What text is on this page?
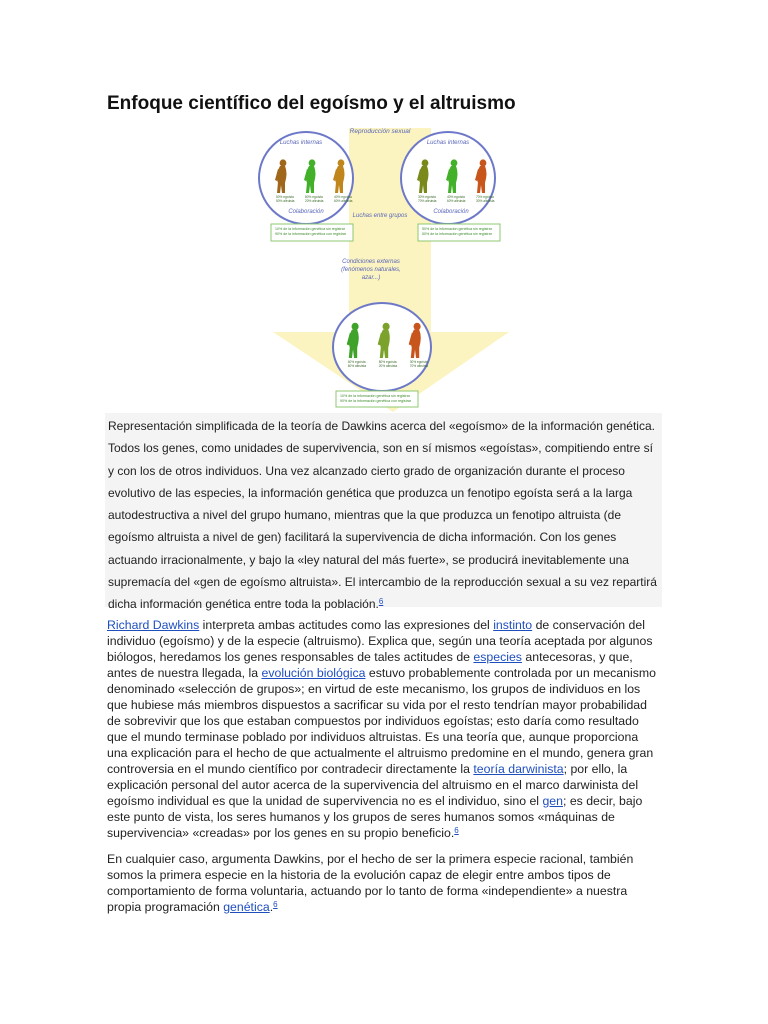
Enfoque científico del egoísmo y el altruismo
Reproducción sexual
Luchas internas	Luchas internas
Colaboración	Colaboración
Luchas entre grupos
Condiciones externas (fenómenos naturales, azar...)
10% de la información genética sin registrar 90% de la información genética con registrar
50% de la información genética sin registrar 50% de la información genética sin registrar
10% de la información genética sin registrar 90% de la información genética con registrar
50% egoísta 50% altruista
80% egoísta 20% altruista
40% egoísta 60% altruista
30% egoísta 70% altruista
40% egoísta 60% altruista
70% egoísta 30% altruista
40% egoísta 60% altruista
80% egoísta 20% altruista
30% egoísta 70% altruista

Representación simplificada de la teoría de Dawkins acerca del «egoísmo» de la información genética. Todos los genes, como unidades de supervivencia, son en sí mismos «egoístas», compitiendo entre sí y con los de otros individuos. Una vez alcanzado cierto grado de organización durante el proceso evolutivo de las especies, la información genética que produzca un fenotipo egoísta será a la larga autodestructiva a nivel del grupo humano, mientras que la que produzca un fenotipo altruista (de egoísmo altruista a nivel de gen) facilitará la supervivencia de dicha información. Con los genes actuando irracionalmente, y bajo la «ley natural del más fuerte», se producirá inevitablemente una supremacía del «gen de egoísmo altruista». El intercambio de la reproducción sexual a su vez repartirá dicha información genética entre toda la población.$^6$

Richard Dawkins interpreta ambas actitudes como las expresiones del instinto de conservación del individuo (egoísmo) y de la especie (altruismo). Explica que, según una teoría aceptada por algunos biólogos, heredamos los genes responsables de tales actitudes de especies antecesoras, y que, antes de nuestra llegada, la evolución biológica estuvo probablemente controlada por un mecanismo denominado «selección de grupos»; en virtud de este mecanismo, los grupos de individuos en los que hubiese más miembros dispuestos a sacrificar su vida por el resto tendrían mayor probabilidad de sobrevivir que los que estaban compuestos por individuos egoístas; esto daría como resultado que el mundo terminase poblado por individuos altruistas. Es una teoría que, aunque proporciona una explicación para el hecho de que actualmente el altruismo predomine en el mundo, genera gran controversia en el mundo científico por contradecir directamente la teoría darwinista; por ello, la explicación personal del autor acerca de la supervivencia del altruismo en el marco darwinista del egoísmo individual es que la unidad de supervivencia no es el individuo, sino el gen; es decir, bajo este punto de vista, los seres humanos y los grupos de seres humanos somos «máquinas de supervivencia» «creadas» por los genes en su propio beneficio.$^6$

En cualquier caso, argumenta Dawkins, por el hecho de ser la primera especie racional, también somos la primera especie en la historia de la evolución capaz de elegir entre ambos tipos de comportamiento de forma voluntaria, actuando por lo tanto de forma «independiente» a nuestra propia programación genética.$^6$
